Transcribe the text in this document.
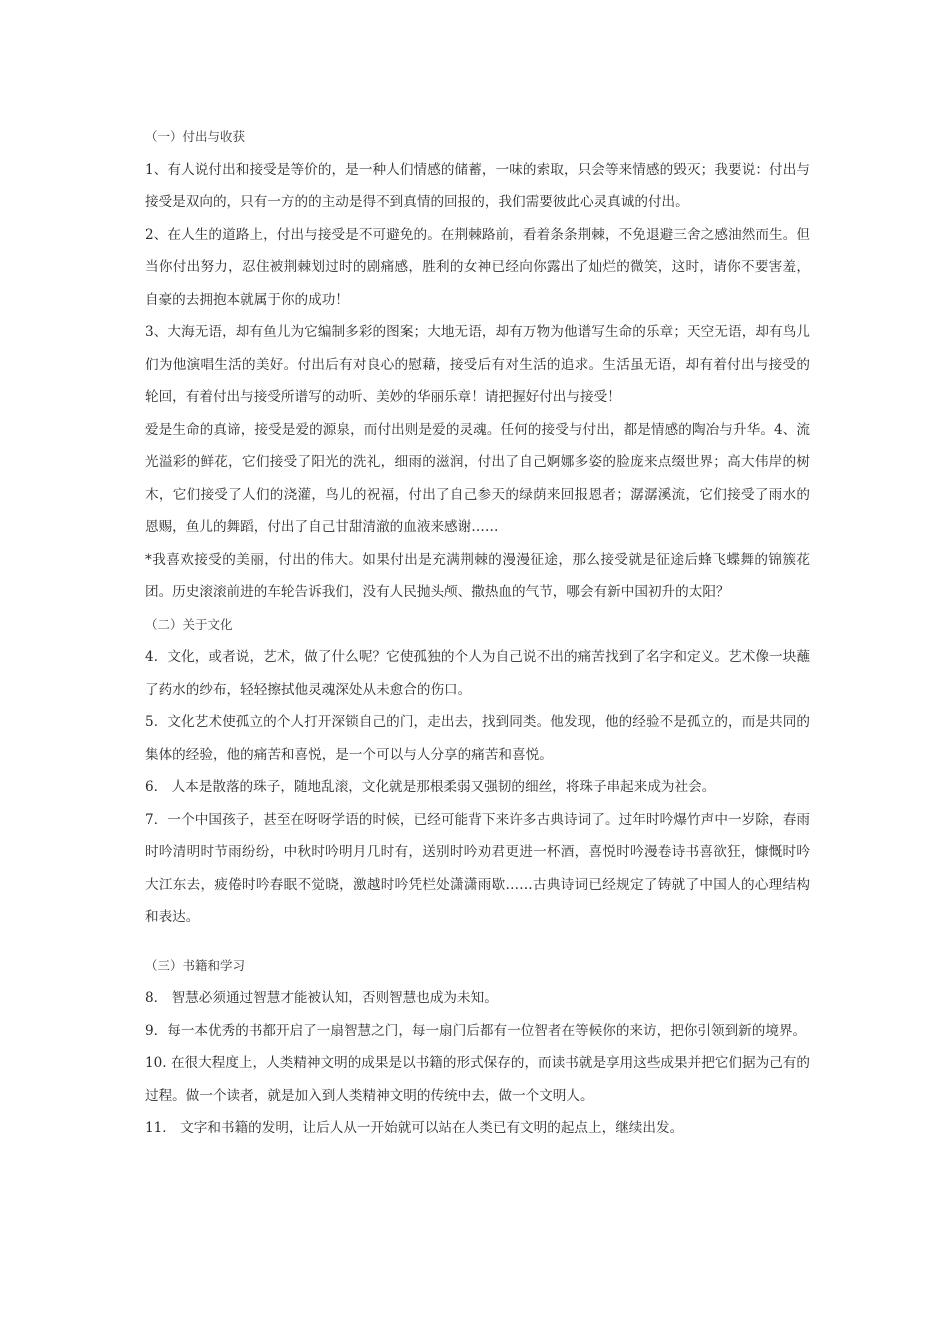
（一）付出与收获

1、有人说付出和接受是等价的，是一种人们情感的储蓄，一味的索取，只会等来情感的毁灭；我要说：付出与接受是双向的，只有一方的的主动是得不到真情的回报的，我们需要彼此心灵真诚的付出。

2、在人生的道路上，付出与接受是不可避免的。在荆棘路前，看着条条荆棘，不免退避三舍之感油然而生。但当你付出努力，忍住被荆棘划过时的剧痛感，胜利的女神已经向你露出了灿烂的微笑，这时，请你不要害羞，自豪的去拥抱本就属于你的成功！

3、大海无语，却有鱼儿为它编制多彩的图案；大地无语，却有万物为他谱写生命的乐章；天空无语，却有鸟儿们为他演唱生活的美好。付出后有对良心的慰藉，接受后有对生活的追求。生活虽无语，却有着付出与接受的轮回，有着付出与接受所谱写的动听、美妙的华丽乐章！请把握好付出与接受！

爱是生命的真谛，接受是爱的源泉，而付出则是爱的灵魂。任何的接受与付出，都是情感的陶冶与升华。4、流光溢彩的鲜花，它们接受了阳光的洗礼，细雨的滋润，付出了自己婀娜多姿的脸庞来点缀世界；高大伟岸的树木，它们接受了人们的浇灌，鸟儿的祝福，付出了自己参天的绿荫来回报恩者；潺潺溪流，它们接受了雨水的恩赐，鱼儿的舞蹈，付出了自己甘甜清澈的血液来感谢……

*我喜欢接受的美丽，付出的伟大。如果付出是充满荆棘的漫漫征途，那么接受就是征途后蜂飞蝶舞的锦簇花团。历史滚滚前进的车轮告诉我们，没有人民抛头颅、撒热血的气节，哪会有新中国初升的太阳？

（二）关于文化

4．文化，或者说，艺术，做了什么呢？它使孤独的个人为自己说不出的痛苦找到了名字和定义。艺术像一块蘸了药水的纱布，轻轻擦拭他灵魂深处从未愈合的伤口。

5．文化艺术使孤立的个人打开深锁自己的门，走出去，找到同类。他发现，他的经验不是孤立的，而是共同的集体的经验，他的痛苦和喜悦，是一个可以与人分享的痛苦和喜悦。

6． 人本是散落的珠子，随地乱滚，文化就是那根柔弱又强韧的细丝，将珠子串起来成为社会。

7．一个中国孩子，甚至在呀呀学语的时候，已经可能背下来许多古典诗词了。过年时吟爆竹声中一岁除，春雨时吟清明时节雨纷纷，中秋时吟明月几时有，送别时吟劝君更进一杯酒，喜悦时吟漫卷诗书喜欲狂，慷慨时吟大江东去，疲倦时吟春眠不觉晓，激越时吟凭栏处潇潇雨歇……古典诗词已经规定了铸就了中国人的心理结构和表达。

（三）书籍和学习

8． 智慧必须通过智慧才能被认知，否则智慧也成为未知。

9．每一本优秀的书都开启了一扇智慧之门，每一扇门后都有一位智者在等候你的来访，把你引领到新的境界。

10. 在很大程度上，人类精神文明的成果是以书籍的形式保存的，而读书就是享用这些成果并把它们据为己有的过程。做一个读者，就是加入到人类精神文明的传统中去，做一个文明人。

11． 文字和书籍的发明，让后人从一开始就可以站在人类已有文明的起点上，继续出发。
